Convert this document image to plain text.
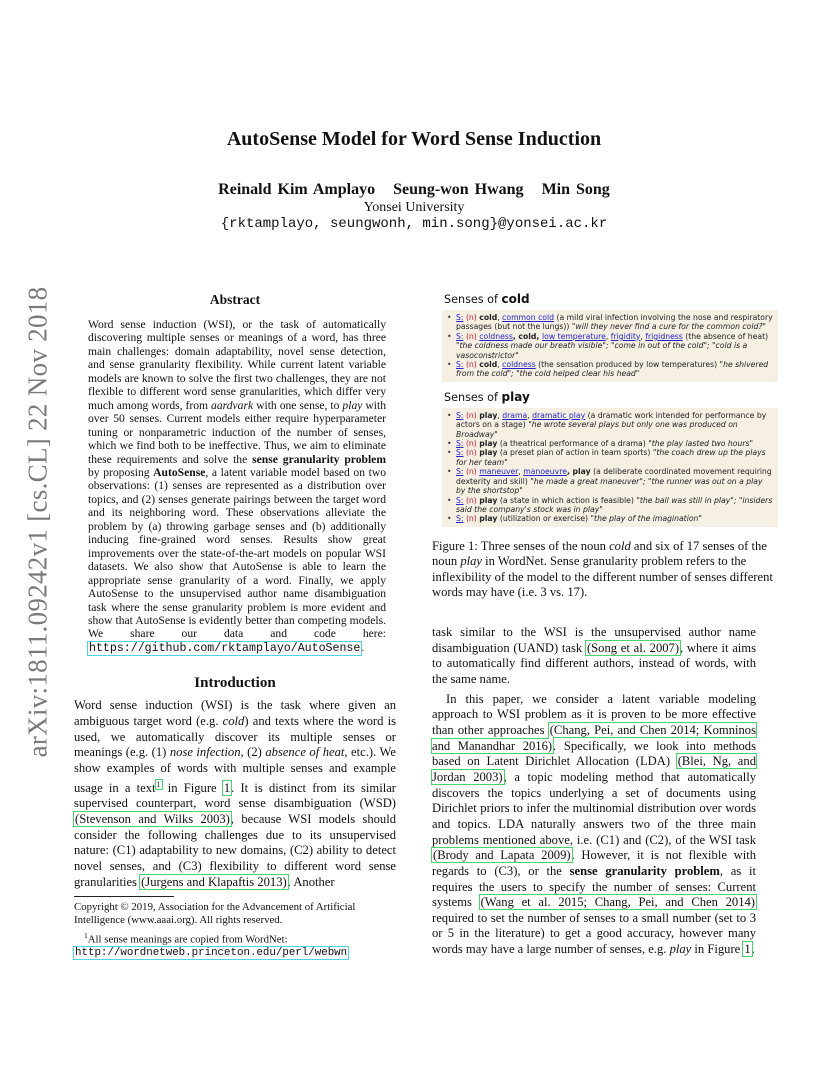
arXiv:1811.09242v1 [cs.CL] 22 Nov 2018
AutoSense Model for Word Sense Induction
Reinald Kim Amplayo Seung-won Hwang Min Song
Yonsei University
{rktamplayo, seungwonh, min.song}@yonsei.ac.kr
Abstract

Word sense induction (WSI), or the task of automatically discovering multiple senses or meanings of a word, has three main challenges: domain adaptability, novel sense detection, and sense granularity flexibility. While current latent variable models are known to solve the first two challenges, they are not flexible to different word sense granularities, which differ very much among words, from aardvark with one sense, to play with over 50 senses. Current models either require hyperparameter tuning or nonparametric induction of the number of senses, which we find both to be ineffective. Thus, we aim to eliminate these requirements and solve the sense granularity problem by proposing AutoSense, a latent variable model based on two observations: (1) senses are represented as a distribution over topics, and (2) senses generate pairings between the target word and its neighboring word. These observations alleviate the problem by (a) throwing garbage senses and (b) additionally inducing fine-grained word senses. Results show great improvements over the state-of-the-art models on popular WSI datasets. We also show that AutoSense is able to learn the appropriate sense granularity of a word. Finally, we apply AutoSense to the unsupervised author name disambiguation task where the sense granularity problem is more evident and show that AutoSense is evidently better than competing models. We share our data and code here: https://github.com/rktamplayo/AutoSense.

Introduction

Word sense induction (WSI) is the task where given an ambiguous target word (e.g. cold) and texts where the word is used, we automatically discover its multiple senses or meanings (e.g. (1) nose infection, (2) absence of heat, etc.). We show examples of words with multiple senses and example usage in a text$^1$ in Figure 1. It is distinct from its similar supervised counterpart, word sense disambiguation (WSD) (Stevenson and Wilks 2003), because WSI models should consider the following challenges due to its unsupervised nature: (C1) adaptability to new domains, (C2) ability to detect novel senses, and (C3) flexibility to different word sense granularities (Jurgens and Klapaftis 2013). Another

Copyright © 2019, Association for the Advancement of Artificial Intelligence (www.aaai.org). All rights reserved.

$^1$All sense meanings are copied from WordNet: http://wordnetweb.princeton.edu/perl/webwn

Senses of cold
• S: (n) cold, common cold (a mild viral infection involving the nose and respiratory passages (but not the lungs)) "will they never find a cure for the common cold?"
• S: (n) coldness, cold, low temperature, frigidity, frigidness (the absence of heat) "the coldness made our breath visible"; "come in out of the cold"; "cold is a vasoconstrictor"
• S: (n) cold, coldness (the sensation produced by low temperatures) "he shivered from the cold"; "the cold helped clear his head"
Senses of play
• S: (n) play, drama, dramatic play (a dramatic work intended for performance by actors on a stage) "he wrote several plays but only one was produced on Broadway"
• S: (n) play (a theatrical performance of a drama) "the play lasted two hours"
• S: (n) play (a preset plan of action in team sports) "the coach drew up the plays for her team"
• S: (n) maneuver, manoeuvre, play (a deliberate coordinated movement requiring dexterity and skill) "he made a great maneuver"; "the runner was out on a play by the shortstop"
• S: (n) play (a state in which action is feasible) "the ball was still in play"; "insiders said the company's stock was in play"
• S: (n) play (utilization or exercise) "the play of the imagination"

Figure 1: Three senses of the noun cold and six of 17 senses of the noun play in WordNet. Sense granularity problem refers to the inflexibility of the model to the different number of senses different words may have (i.e. 3 vs. 17).

task similar to the WSI is the unsupervised author name disambiguation (UAND) task (Song et al. 2007), where it aims to automatically find different authors, instead of words, with the same name.

In this paper, we consider a latent variable modeling approach to WSI problem as it is proven to be more effective than other approaches (Chang, Pei, and Chen 2014; Komninos and Manandhar 2016). Specifically, we look into methods based on Latent Dirichlet Allocation (LDA) (Blei, Ng, and Jordan 2003), a topic modeling method that automatically discovers the topics underlying a set of documents using Dirichlet priors to infer the multinomial distribution over words and topics. LDA naturally answers two of the three main problems mentioned above, i.e. (C1) and (C2), of the WSI task (Brody and Lapata 2009). However, it is not flexible with regards to (C3), or the sense granularity problem, as it requires the users to specify the number of senses: Current systems (Wang et al. 2015; Chang, Pei, and Chen 2014) required to set the number of senses to a small number (set to 3 or 5 in the literature) to get a good accuracy, however many words may have a large number of senses, e.g. play in Figure 1.
